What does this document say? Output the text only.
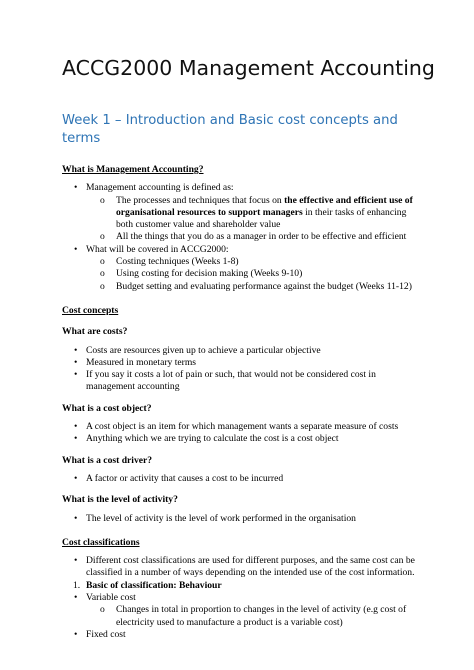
ACCG2000 Management Accounting
Week 1 – Introduction and Basic cost concepts and terms

What is Management Accounting?

• Management accounting is defined as:
o The processes and techniques that focus on the effective and efficient use of organisational resources to support managers in their tasks of enhancing both customer value and shareholder value
o All the things that you do as a manager in order to be effective and efficient
• What will be covered in ACCG2000:
o Costing techniques (Weeks 1-8)
o Using costing for decision making (Weeks 9-10)
o Budget setting and evaluating performance against the budget (Weeks 11-12)

Cost concepts

What are costs?

• Costs are resources given up to achieve a particular objective
• Measured in monetary terms
• If you say it costs a lot of pain or such, that would not be considered cost in management accounting

What is a cost object?

• A cost object is an item for which management wants a separate measure of costs
• Anything which we are trying to calculate the cost is a cost object

What is a cost driver?

• A factor or activity that causes a cost to be incurred

What is the level of activity?

• The level of activity is the level of work performed in the organisation

Cost classifications

• Different cost classifications are used for different purposes, and the same cost can be classified in a number of ways depending on the intended use of the cost information.
1. Basic of classification: Behaviour
• Variable cost
o Changes in total in proportion to changes in the level of activity (e.g cost of electricity used to manufacture a product is a variable cost)
• Fixed cost
